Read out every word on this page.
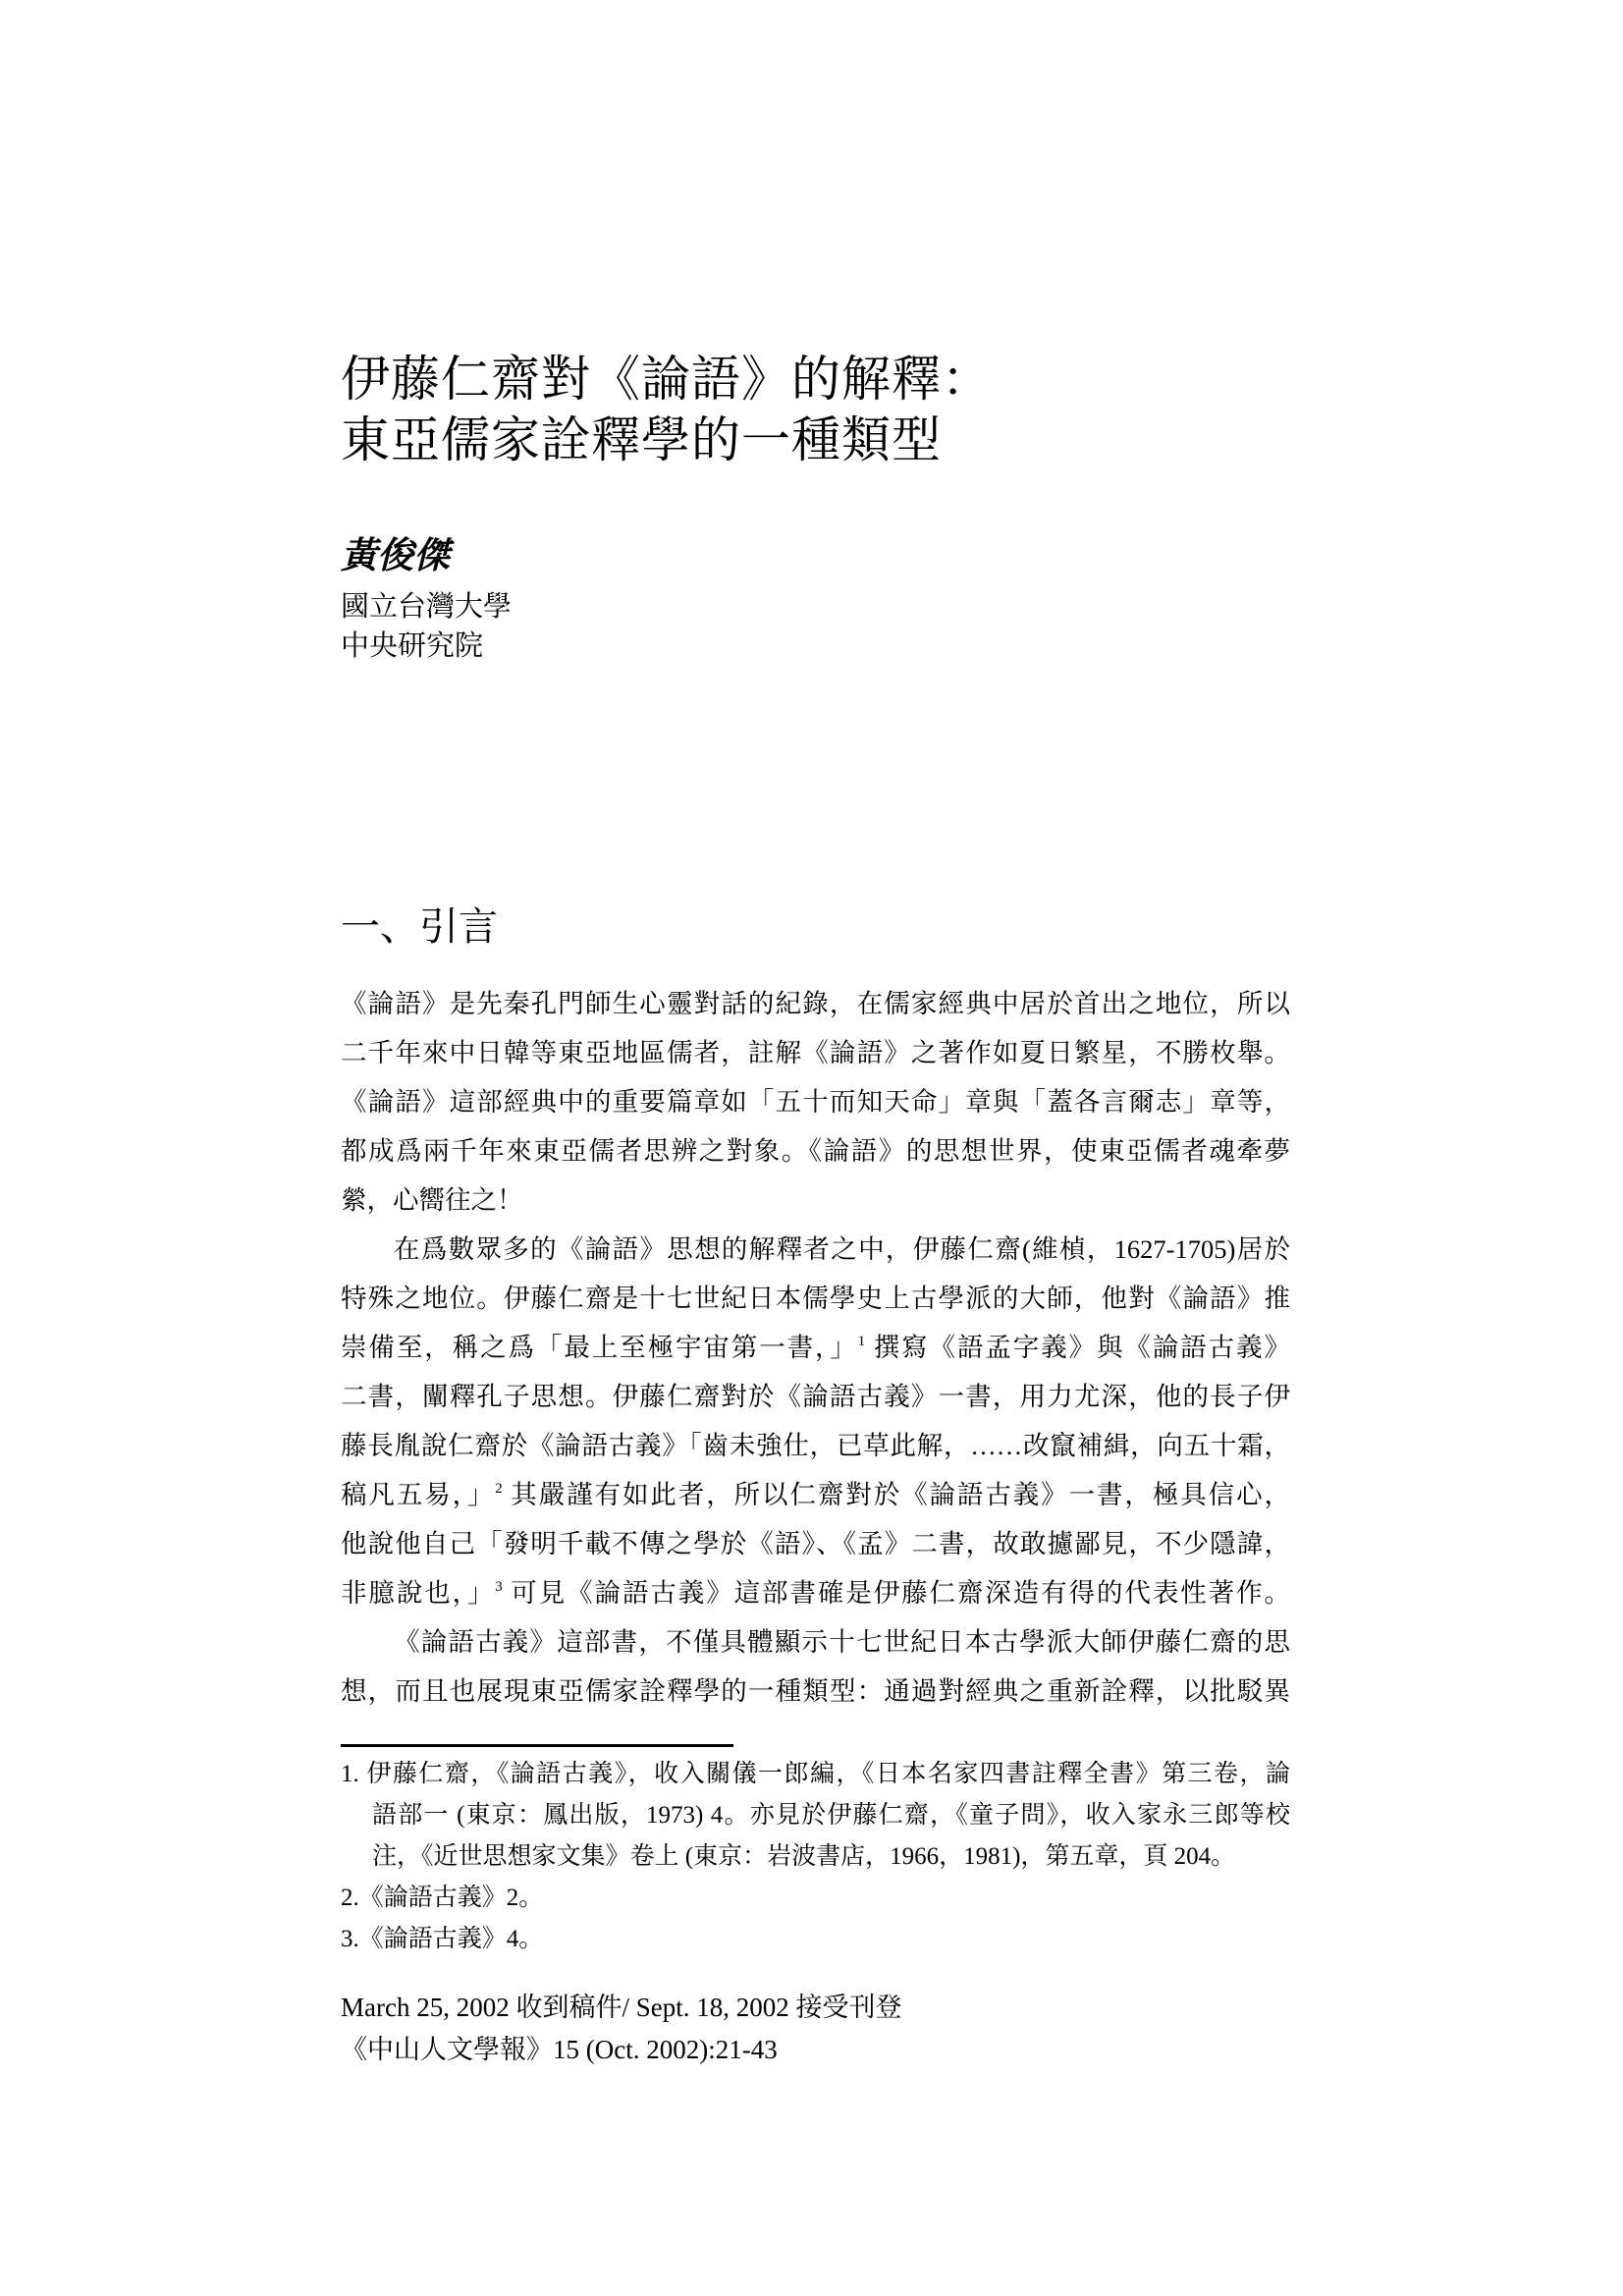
伊藤仁齋對《論語》的解釋：
東亞儒家詮釋學的一種類型
黃俊傑
國立台灣大學
中央研究院
一、引言
《論語》是先秦孔門師生心靈對話的紀錄，在儒家經典中居於首出之地位，所以
二千年來中日韓等東亞地區儒者，註解《論語》之著作如夏日繁星，不勝枚舉。
《論語》這部經典中的重要篇章如「五十而知天命」章與「蓋各言爾志」章等，
都成爲兩千年來東亞儒者思辨之對象。《論語》的思想世界，使東亞儒者魂牽夢
縈，心嚮往之！
在爲數眾多的《論語》思想的解釋者之中，伊藤仁齋(維楨，1627-1705)居於
特殊之地位。伊藤仁齋是十七世紀日本儒學史上古學派的大師，他對《論語》推
崇備至，稱之爲「最上至極宇宙第一書，」$^1$ 撰寫《語孟字義》與《論語古義》
二書，闡釋孔子思想。伊藤仁齋對於《論語古義》一書，用力尤深，他的長子伊
藤長胤說仁齋於《論語古義》「齒未強仕，已草此解，……改竄補緝，向五十霜，
稿凡五易，」$^2$ 其嚴謹有如此者，所以仁齋對於《論語古義》一書，極具信心，
他說他自己「發明千載不傳之學於《語》、《孟》二書，故敢攄鄙見，不少隱諱，
非臆說也，」$^3$ 可見《論語古義》這部書確是伊藤仁齋深造有得的代表性著作。
《論語古義》這部書，不僅具體顯示十七世紀日本古學派大師伊藤仁齋的思
想，而且也展現東亞儒家詮釋學的一種類型：通過對經典之重新詮釋，以批駁異
1. 伊藤仁齋，《論語古義》，收入關儀一郎編，《日本名家四書註釋全書》第三卷，論
語部一 (東京：鳳出版，1973) 4。亦見於伊藤仁齋，《童子問》，收入家永三郎等校
注，《近世思想家文集》卷上 (東京：岩波書店，1966，1981)，第五章，頁 204。
2.《論語古義》2。
3.《論語古義》4。
March 25, 2002 收到稿件/ Sept. 18, 2002 接受刊登
《中山人文學報》15 (Oct. 2002):21-43
